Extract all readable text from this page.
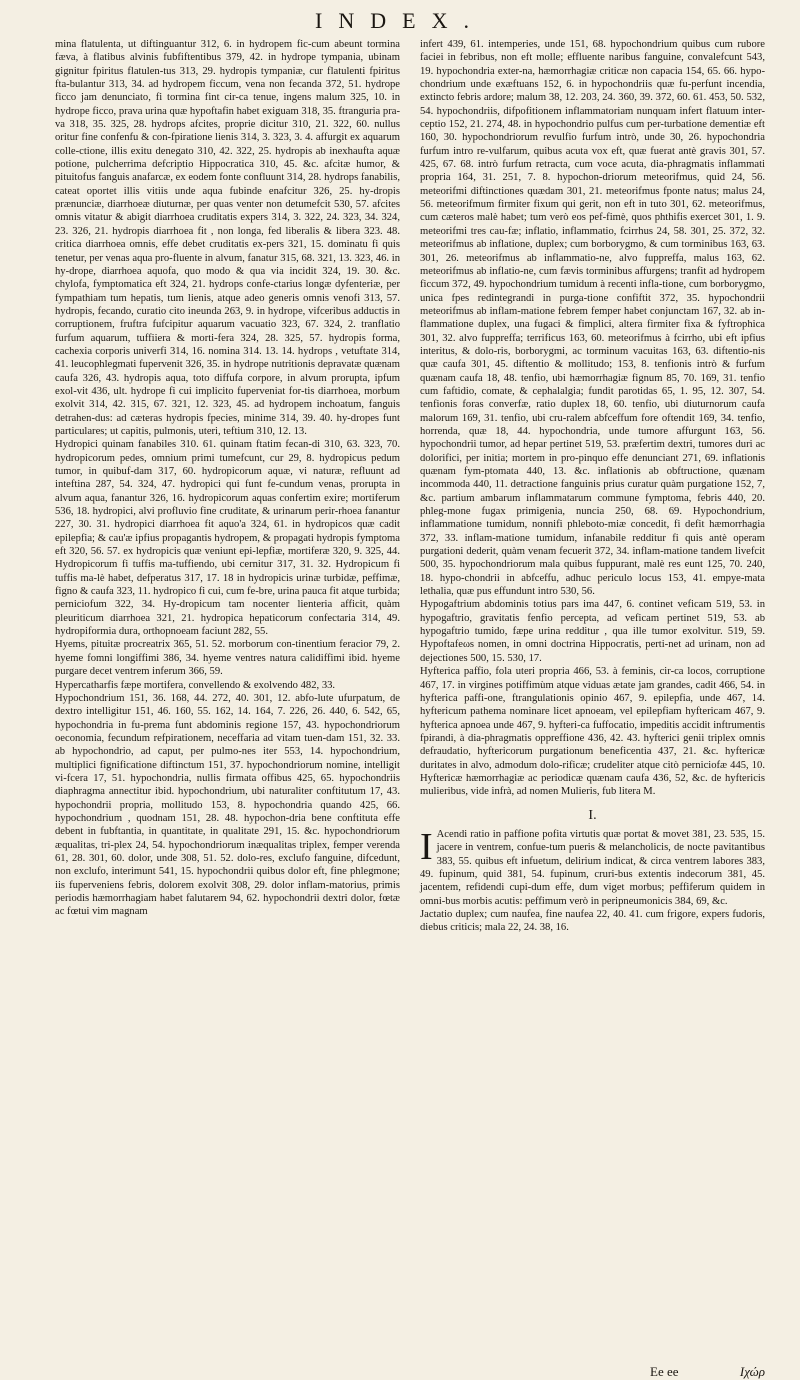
INDEX.

mina flatulenta, ut diftinguantur 312, 6. in hydropem fic-cum abeunt tormina fæva, à flatibus alvinis fubfiftentibus 379, 42. in hydrope tympania, ubinam gignitur fpiritus flatulen-tus 313, 29. hydropis tympaniæ, cur flatulenti fpiritus fta-bulantur 313, 34. ad hydropem ficcum, vena non fecanda 372, 51. hydrope ficco jam denunciato, fi tormina fint cir-ca tenue, ingens malum 325, 10. in hydrope ficco, prava urina quæ hypoftafin habet exiguam 318, 35. ftranguria pra-va 318, 35. 325, 28. hydrops afcites, proprie dicitur 310, 21. 322, 60. nullus oritur fine confenfu & con-fpiratione lienis 314, 3. 323, 3. 4. affurgit ex aquarum colle-ctione, illis exitu denegato 310, 42. 322, 25. hydropis ab inexhaufta aquæ potione, pulcherrima defcriptio Hippocratica 310, 45. &c. afcitæ humor, & pituitofus fanguis anafarcæ, ex eodem fonte confluunt 314, 28. hydrops fanabilis, cateat oportet illis vitiis unde aqua fubinde enafcitur 326, 25. hy-dropis prænunciæ, diarrhoeæ diuturnæ, per quas venter non detumefcit 530, 57. afcites omnis vitatur & abigit diarrhoea cruditatis expers 314, 3. 322, 24. 323, 34. 324, 23. 326, 21. hydropis diarrhoea fit , non longa, fed liberalis & libera 323. 48. critica diarrhoea omnis, effe debet cruditatis ex-pers 321, 15. dominatu fi quis tenetur, per venas aqua pro-fluente in alvum, fanatur 315, 68. 321, 13. 323, 46. in hy-drope, diarrhoea aquofa, quo modo & qua via incidit 324, 19. 30. &c. chylofa, fymptomatica eft 324, 21. hydrops confe-ctarius longæ dyfenteriæ, per fympathiam tum hepatis, tum lienis, atque adeo generis omnis venofi 313, 57. hydropis, fecando, curatio cito ineunda 263, 9. in hydrope, vifceribus adductis in corruptionem, fruftra fufcipitur aquarum vacuatio 323, 67. 324, 2. tranflatio furfum aquarum, tuffiiera & morti-fera 324, 28. 325, 57. hydropis forma, cachexia corporis univerfi 314, 16. nomina 314. 13. 14. hydrops , vetuftate 314, 41. leucophlegmati fupervenit 326, 35. in hydrope nutritionis depravatæ quænam caufa 326, 43. hydropis aqua, toto diffufa corpore, in alvum prorupta, ipfum exol-vit 436, ult. hydrope fi cui implicito fuperveniat for-tis diarrhoea, morbum exolvit 314, 42. 315, 67. 321, 12. 323, 45. ad hydropem inchoatum, fanguis detrahen-dus: ad cæteras hydropis fpecies, minime 314, 39. 40. hy-dropes funt particulares; ut capitis, pulmonis, uteri, teftium 310, 12. 13.

Hydropici quinam fanabiles 310. 61. quinam ftatim fecan-di 310, 63. 323, 70. hydropicorum pedes, omnium primi tumefcunt, cur 29, 8. hydropicus pedum tumor, in quibuf-dam 317, 60. hydropicorum aquæ, vi naturæ, refluunt ad inteftina 287, 54. 324, 47. hydropici qui funt fe-cundum venas, prorupta in alvum aqua, fanantur 326, 16. hydropicorum aquas confertim exire; mortiferum 536, 18. hydropici, alvi profluvio fine cruditate, & urinarum perir-rhoea fanantur 227, 30. 31. hydropici diarrhoea fit aquo'a 324, 61. in hydropicos quæ cadit epilepfia; & cau'æ ipfius propagantis hydropem, & propagati hydropis fymptoma eft 320, 56. 57. ex hydropicis quæ veniunt epi-lepfiæ, mortiferæ 320, 9. 325, 44. Hydropicorum fi tuffis ma-tuffiendo, ubi cernitur 317, 31. 32. Hydropicum fi tuffis ma-lè habet, defperatus 317, 17. 18 in hydropicis urinæ turbidæ, peffimæ, figno & caufa 323, 11. hydropico fi cui, cum fe-bre, urina pauca fit atque turbida; perniciofum 322, 34. Hy-dropicum tam nocenter lienteria afficit, quàm pleuriticum diarrhoea 321, 21. hydropica hepaticorum confectaria 314, 49. hydropiformia dura, orthopnoeam faciunt 282, 55.

Hyems, pituitæ procreatrix 365, 51. 52. morborum con-tinentium feracior 79, 2. hyeme fomni longiffimi 386, 34. hyeme ventres natura calidiffimi ibid. hyeme purgare decet ventrem inferum 366, 59.

Hypercatharfis fæpe mortifera, convellendo & exolvendo 482, 33.

Hypochondrium 151, 36. 168, 44. 272, 40. 301, 12. abfo-lute ufurpatum, de dextro intelligitur 151, 46. 160, 55. 162, 14. 164, 7. 226, 26. 440, 6. 542, 65, hypochondria in fu-prema funt abdominis regione 157, 43. hypochondriorum oeconomia, fecundum refpirationem, neceffaria ad vitam tuen-dam 151, 32. 33. ab hypochondrio, ad caput, per pulmo-nes iter 553, 14. hypochondrium, multiplici fignificatione diftinctum 151, 37. hypochondriorum nomine, intelligit vi-fcera 17, 51. hypochondria, nullis firmata offibus 425, 65. hypochondriis diaphragma annectitur ibid. hypochondrium, ubi naturaliter conftitutum 17, 43. hypochondrii propria, mollitudo 153, 8. hypochondria quando 425, 66. hypochondrium , quodnam 151, 28. 48. hypochon-dria bene conftituta effe debent in fubftantia, in quantitate, in qualitate 291, 15. &c. hypochondriorum æqualitas, tri-plex 24, 54. hypochondriorum inæqualitas triplex, femper verenda 61, 28. 301, 60. dolor, unde 308, 51. 52. dolo-res, exclufo fanguine, difcedunt, non exclufo, interimunt 541, 15. hypochondrii quibus dolor eft, fine phlegmone; iis fuperveniens febris, dolorem exolvit 308, 29. dolor inflam-matorius, primis periodis hæmorrhagiam habet falutarem 94, 62. hypochondrii dextri dolor, fœtæ ac fœtui vim magnam

infert 439, 61. intemperies, unde 151, 68. hypochondrium quibus cum rubore faciei in febribus, non eft molle; effluente naribus fanguine, convalefcunt 543, 19. hypochondria exter-na, hæmorrhagiæ criticæ non capacia 154, 65. 66. hypo-chondrium unde exæftuans 152, 6. in hypochondriis quæ fu-perfunt incendia, extincto febris ardore; malum 38, 12. 203, 24. 360, 39. 372, 60. 61. 453, 50. 532, 54. hypochondriis, difpofitionem inflammatoriam nunquam infert flatuum inter-ceptio 152, 21. 274, 48. in hypochondrio pulfus cum per-turbatione dementiæ eft 160, 30. hypochondriorum revulfio furfum intrò, unde 30, 26. hypochondria furfum intro re-vulfarum, quibus acuta vox eft, quæ fuerat antè gravis 301, 57. 425, 67. 68. intrò furfum retracta, cum voce acuta, dia-phragmatis inflammati propria 164, 31. 251, 7. 8. hypochon-driorum meteorifmus, quid 24, 56. meteorifmi diftinctiones quædam 301, 21. meteorifmus fponte natus; malus 24, 56. meteorifmum firmiter fixum qui gerit, non eft in tuto 301, 62. meteorifmus, cum cæteros malè habet; tum verò eos pef-fimè, quos phthifis exercet 301, 1. 9. meteorifmi tres cau-fæ; inflatio, inflammatio, fcirrhus 24, 58. 301, 25. 372, 32. meteorifmus ab inflatione, duplex; cum borborygmo, & cum torminibus 163, 63. 301, 26. meteorifmus ab inflammatio-ne, alvo fuppreffa, malus 163, 62. meteorifmus ab inflatio-ne, cum fævis torminibus affurgens; tranfit ad hydropem ficcum 372, 49. hypochondrium tumidum à recenti infla-tione, cum borborygmo, unica fpes redintegrandi in purga-tione confiftit 372, 35. hypochondrii meteorifmus ab inflam-matione febrem femper habet conjunctam 167, 32. ab in-flammatione duplex, una fugaci & fimplici, altera firmiter fixa & fyftrophica 301, 32. alvo fuppreffa; terrificus 163, 60. meteorifmus à fcirrho, ubi eft ipfius interitus, & dolo-ris, borborygmi, ac torminum vacuitas 163, 63. diftentio-nis quæ caufa 301, 45. diftentio & mollitudo; 153, 8. tenfionis intrò & furfum quænam caufa 18, 48. tenfio, ubi hæmorrhagiæ fignum 85, 70. 169, 31. tenfio cum faftidio, comate, & cephalalgia; fundit parotidas 65, 1. 95, 12. 307, 54. tenfionis foras converfæ, ratio duplex 18, 60. tenfio, ubi diuturnorum caufa malorum 169, 31. tenfio, ubi cru-ralem abfceffum fore oftendit 169, 34. tenfio, horrenda, quæ 18, 44. hypochondria, unde tumore affurgunt 163, 56. hypochondrii tumor, ad hepar pertinet 519, 53. præfertim dextri, tumores duri ac dolorifici, per initia; mortem in pro-pinquo effe denunciant 271, 69. inflationis quænam fym-ptomata 440, 13. &c. inflationis ab obftructione, quænam incommoda 440, 11. detractione fanguinis prius curatur quàm purgatione 152, 7, &c. partium ambarum inflammatarum commune fymptoma, febris 440, 20. phleg-mone fugax primigenia, nuncia 250, 68. 69. Hypochondrium, inflammatione tumidum, nonnifi phleboto-miæ concedit, fi defit hæmorrhagia 372, 33. inflam-matione tumidum, infanabile redditur fi quis antè operam purgationi dederit, quàm venam fecuerit 372, 34. inflam-matione tandem livefcit 500, 35. hypochondriorum mala quibus fuppurant, malè res eunt 125, 70. 240, 18. hypo-chondrii in abfceffu, adhuc periculo locus 153, 41. empye-mata lethalia, quæ pus effundunt intro 530, 56.

Hypogaftrium abdominis totius pars ima 447, 6. continet veficam 519, 53. in hypogaftrio, gravitatis fenfio percepta, ad veficam pertinet 519, 53. ab hypogaftrio tumido, fæpe urina redditur , qua ille tumor exolvitur. 519, 59. Hypoftafeωs nomen, in omni doctrina Hippocratis, perti-net ad urinam, non ad dejectiones 500, 15. 530, 17.

Hyfterica paffio, fola uteri propria 466, 53. à feminis, cir-ca locos, corruptione 467, 17. in virgines potiffimùm atque viduas ætate jam grandes, cadit 466, 54. in hyfterica paffi-one, ftrangulationis opinio 467, 9. epilepfia, unde 467, 14. hyftericum pathema nominare licet apnoeam, vel epilepfiam hyftericam 467, 9. hyfterica apnoea unde 467, 9. hyfteri-ca fuffocatio, impeditis accidit inftrumentis fpirandi, à dia-phragmatis oppreffione 436, 42. 43. hyfterici genii triplex omnis defraudatio, hyftericorum purgationum beneficentia 437, 21. &c. hyftericæ duritates in alvo, admodum dolo-rificæ; crudeliter atque citò perniciofæ 445, 10. Hyftericæ hæmorrhagiæ ac periodicæ quænam caufa 436, 52, &c. de hyftericis mulieribus, vide infrà, ad nomen Mulieris, fub litera M.

I.

I Acendi ratio in paffione pofita virtutis quæ portat & movet 381, 23. 535, 15. jacere in ventrem, confue-tum pueris & melancholicis, de nocte pavitantibus 383, 55. quibus eft infuetum, delirium indicat, & circa ventrem labores 383, 49. fupinum, quid 381, 54. fupinum, cruri-bus extentis indecorum 381, 45. jacentem, refidendi cupi-dum effe, dum viget morbus; peffiferum quidem in omni-bus morbis acutis: peffimum verò in peripneumonicis 384, 69, &c.

Jactatio duplex; cum naufea, fine naufea 22, 40. 41. cum frigore, expers fudoris, diebus criticis; mala 22, 24. 38, 16.

Ee ee	Ιχώρ
